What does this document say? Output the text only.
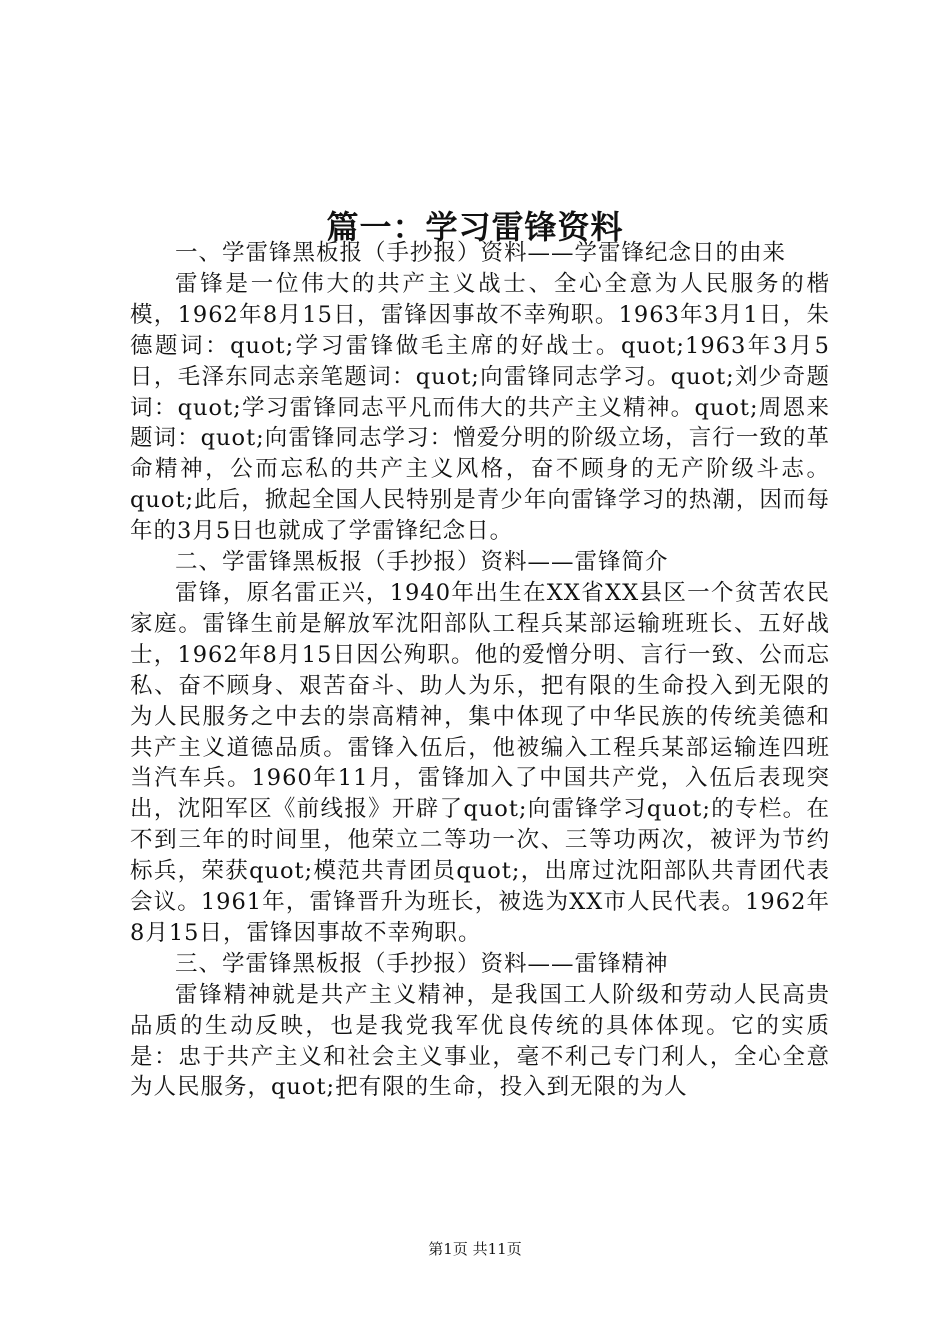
篇一：学习雷锋资料

一、学雷锋黑板报（手抄报）资料——学雷锋纪念日的由来

雷锋是一位伟大的共产主义战士、全心全意为人民服务的楷模，1962年8月15日，雷锋因事故不幸殉职。1963年3月1日，朱德题词：quot;学习雷锋做毛主席的好战士。quot;1963年3月5日，毛泽东同志亲笔题词：quot;向雷锋同志学习。quot;刘少奇题词：quot;学习雷锋同志平凡而伟大的共产主义精神。quot;周恩来题词：quot;向雷锋同志学习：憎爱分明的阶级立场，言行一致的革命精神，公而忘私的共产主义风格，奋不顾身的无产阶级斗志。quot;此后，掀起全国人民特别是青少年向雷锋学习的热潮，因而每年的3月5日也就成了学雷锋纪念日。

二、学雷锋黑板报（手抄报）资料——雷锋简介

雷锋，原名雷正兴，1940年出生在XX省XX县区一个贫苦农民家庭。雷锋生前是解放军沈阳部队工程兵某部运输班班长、五好战士，1962年8月15日因公殉职。他的爱憎分明、言行一致、公而忘私、奋不顾身、艰苦奋斗、助人为乐，把有限的生命投入到无限的为人民服务之中去的崇高精神，集中体现了中华民族的传统美德和共产主义道德品质。雷锋入伍后，他被编入工程兵某部运输连四班当汽车兵。1960年11月，雷锋加入了中国共产党，入伍后表现突出，沈阳军区《前线报》开辟了quot;向雷锋学习quot;的专栏。在不到三年的时间里，他荣立二等功一次、三等功两次，被评为节约标兵，荣获quot;模范共青团员quot;，出席过沈阳部队共青团代表会议。1961年，雷锋晋升为班长，被选为XX市人民代表。1962年8月15日，雷锋因事故不幸殉职。

三、学雷锋黑板报（手抄报）资料——雷锋精神

雷锋精神就是共产主义精神，是我国工人阶级和劳动人民高贵品质的生动反映，也是我党我军优良传统的具体体现。它的实质是：忠于共产主义和社会主义事业，毫不利己专门利人，全心全意为人民服务，quot;把有限的生命，投入到无限的为人

第1页 共11页
